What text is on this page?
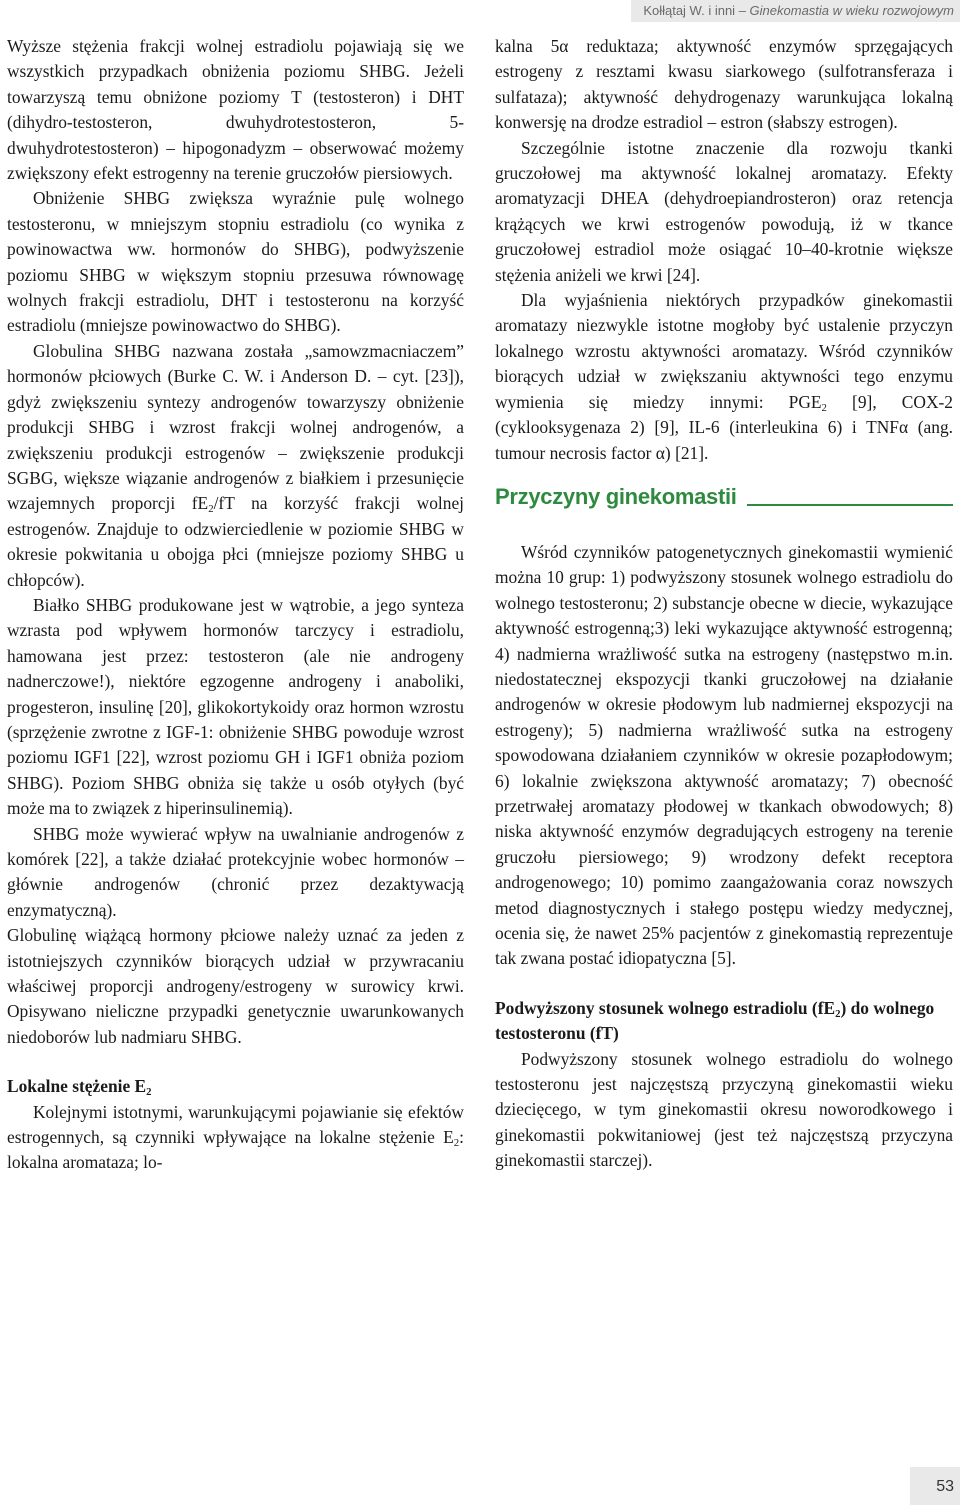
Kołłątaj W. i inni – Ginekomastia w wieku rozwojowym

Wyższe stężenia frakcji wolnej estradiolu pojawiają się we wszystkich przypadkach obniżenia poziomu SHBG. Jeżeli towarzyszą temu obniżone poziomy T (testosteron) i DHT (dihydro-testosteron, dwuhydrotestosteron, 5-dwuhydrotestosteron) – hipogonadyzm – obserwować możemy zwiększony efekt estrogenny na terenie gruczołów piersiowych.

Obniżenie SHBG zwiększa wyraźnie pulę wolnego testosteronu, w mniejszym stopniu estradiolu (co wynika z powinowactwa ww. hormonów do SHBG), podwyższenie poziomu SHBG w większym stopniu przesuwa równowagę wolnych frakcji estradiolu, DHT i testosteronu na korzyść estradiolu (mniejsze powinowactwo do SHBG).

Globulina SHBG nazwana została „samowzmacniaczem” hormonów płciowych (Burke C. W. i Anderson D. – cyt. [23]), gdyż zwiększeniu syntezy androgenów towarzyszy obniżenie produkcji SHBG i wzrost frakcji wolnej androgenów, a zwiększeniu produkcji estrogenów – zwiększenie produkcji SGBG, większe wiązanie androgenów z białkiem i przesunięcie wzajemnych proporcji $fE_2/fT$ na korzyść frakcji wolnej estrogenów. Znajduje to odzwierciedlenie w poziomie SHBG w okresie pokwitania u obojga płci (mniejsze poziomy SHBG u chłopców).

Białko SHBG produkowane jest w wątrobie, a jego synteza wzrasta pod wpływem hormonów tarczycy i estradiolu, hamowana jest przez: testosteron (ale nie androgeny nadnerczowe!), niektóre egzogenne androgeny i anaboliki, progesteron, insulinę [20], glikokortykoidy oraz hormon wzrostu (sprzężenie zwrotne z IGF-1: obniżenie SHBG powoduje wzrost poziomu IGF1 [22], wzrost poziomu GH i IGF1 obniża poziom SHBG). Poziom SHBG obniża się także u osób otyłych (być może ma to związek z hiperinsulinemią).

SHBG może wywierać wpływ na uwalnianie androgenów z komórek [22], a także działać protekcyjnie wobec hormonów – głównie androgenów (chronić przez dezaktywacją enzymatyczną).

Globulinę wiążącą hormony płciowe należy uznać za jeden z istotniejszych czynników biorących udział w przywracaniu właściwej proporcji androgeny/estrogeny w surowicy krwi. Opisywano nieliczne przypadki genetycznie uwarunkowanych niedoborów lub nadmiaru SHBG.

Lokalne stężenie $E_2$

Kolejnymi istotnymi, warunkującymi pojawianie się efektów estrogennych, są czynniki wpływające na lokalne stężenie $E_2$: lokalna aromataza; lo-

kalna 5α reduktaza; aktywność enzymów sprzęgających estrogeny z resztami kwasu siarkowego (sulfotransferaza i sulfataza); aktywność dehydrogenazy warunkująca lokalną konwersję na drodze estradiol – estron (słabszy estrogen).

Szczególnie istotne znaczenie dla rozwoju tkanki gruczołowej ma aktywność lokalnej aromatazy. Efekty aromatyzacji DHEA (dehydroepiandrosteron) oraz retencja krążących we krwi estrogenów powodują, iż w tkance gruczołowej estradiol może osiągać 10–40-krotnie większe stężenia aniżeli we krwi [24].

Dla wyjaśnienia niektórych przypadków ginekomastii aromatazy niezwykle istotne mogłoby być ustalenie przyczyn lokalnego wzrostu aktywności aromatazy. Wśród czynników biorących udział w zwiększaniu aktywności tego enzymu wymienia się miedzy innymi: $PGE_2$ [9], COX-2 (cyklooksygenaza 2) [9], IL-6 (interleukina 6) i TNFα (ang. tumour necrosis factor α) [21].

Przyczyny ginekomastii

Wśród czynników patogenetycznych ginekomastii wymienić można 10 grup: 1) podwyższony stosunek wolnego estradiolu do wolnego testosteronu; 2) substancje obecne w diecie, wykazujące aktywność estrogenną;3) leki wykazujące aktywność estrogenną; 4) nadmierna wrażliwość sutka na estrogeny (następstwo m.in. niedostatecznej ekspozycji tkanki gruczołowej na działanie androgenów w okresie płodowym lub nadmiernej ekspozycji na estrogeny); 5) nadmierna wrażliwość sutka na estrogeny spowodowana działaniem czynników w okresie pozapłodowym; 6) lokalnie zwiększona aktywność aromatazy; 7) obecność przetrwałej aromatazy płodowej w tkankach obwodowych; 8) niska aktywność enzymów degradujących estrogeny na terenie gruczołu piersiowego; 9) wrodzony defekt receptora androgenowego; 10) pomimo zaangażowania coraz nowszych metod diagnostycznych i stałego postępu wiedzy medycznej, ocenia się, że nawet 25% pacjentów z ginekomastią reprezentuje tak zwana postać idiopatyczna [5].

Podwyższony stosunek wolnego estradiolu $(fE_2)$ do wolnego testosteronu (fT)

Podwyższony stosunek wolnego estradiolu do wolnego testosteronu jest najczęstszą przyczyną ginekomastii wieku dziecięcego, w tym ginekomastii okresu noworodkowego i ginekomastii pokwitaniowej (jest też najczęstszą przyczyna ginekomastii starczej).

53
